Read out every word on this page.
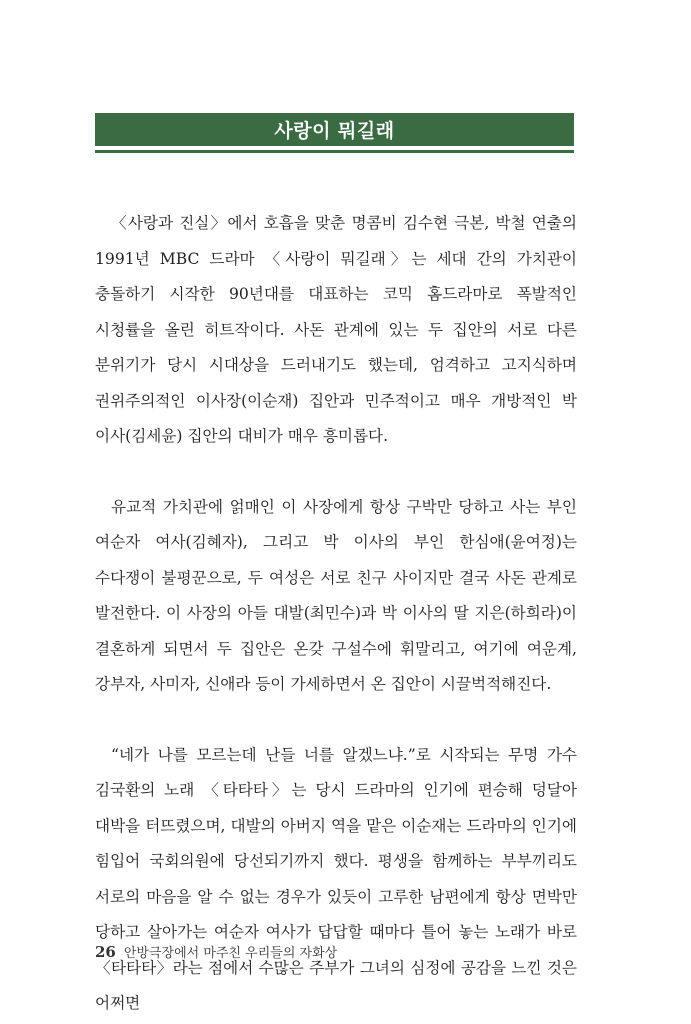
사랑이 뭐길래

〈사랑과 진실〉에서 호흡을 맞춘 명콤비 김수현 극본, 박철 연출의 1991년 MBC 드라마 〈사랑이 뭐길래〉는 세대 간의 가치관이 충돌하기 시작한 90년대를 대표하는 코믹 홈드라마로 폭발적인 시청률을 올린 히트작이다. 사돈 관계에 있는 두 집안의 서로 다른 분위기가 당시 시대상을 드러내기도 했는데, 엄격하고 고지식하며 권위주의적인 이사장(이순재) 집안과 민주적이고 매우 개방적인 박 이사(김세윤) 집안의 대비가 매우 흥미롭다.

유교적 가치관에 얽매인 이 사장에게 항상 구박만 당하고 사는 부인 여순자 여사(김혜자), 그리고 박 이사의 부인 한심애(윤여정)는 수다쟁이 불평꾼으로, 두 여성은 서로 친구 사이지만 결국 사돈 관계로 발전한다. 이 사장의 아들 대발(최민수)과 박 이사의 딸 지은(하희라)이 결혼하게 되면서 두 집안은 온갖 구설수에 휘말리고, 여기에 여운계, 강부자, 사미자, 신애라 등이 가세하면서 온 집안이 시끌벅적해진다.

“네가 나를 모르는데 난들 너를 알겠느냐.”로 시작되는 무명 가수 김국환의 노래 〈타타타〉는 당시 드라마의 인기에 편승해 덩달아 대박을 터뜨렸으며, 대발의 아버지 역을 맡은 이순재는 드라마의 인기에 힘입어 국회의원에 당선되기까지 했다. 평생을 함께하는 부부끼리도 서로의 마음을 알 수 없는 경우가 있듯이 고루한 남편에게 항상 면박만 당하고 살아가는 여순자 여사가 답답할 때마다 틀어 놓는 노래가 바로 〈타타타〉라는 점에서 수많은 주부가 그녀의 심정에 공감을 느낀 것은 어쩌면

26 안방극장에서 마주친 우리들의 자화상
